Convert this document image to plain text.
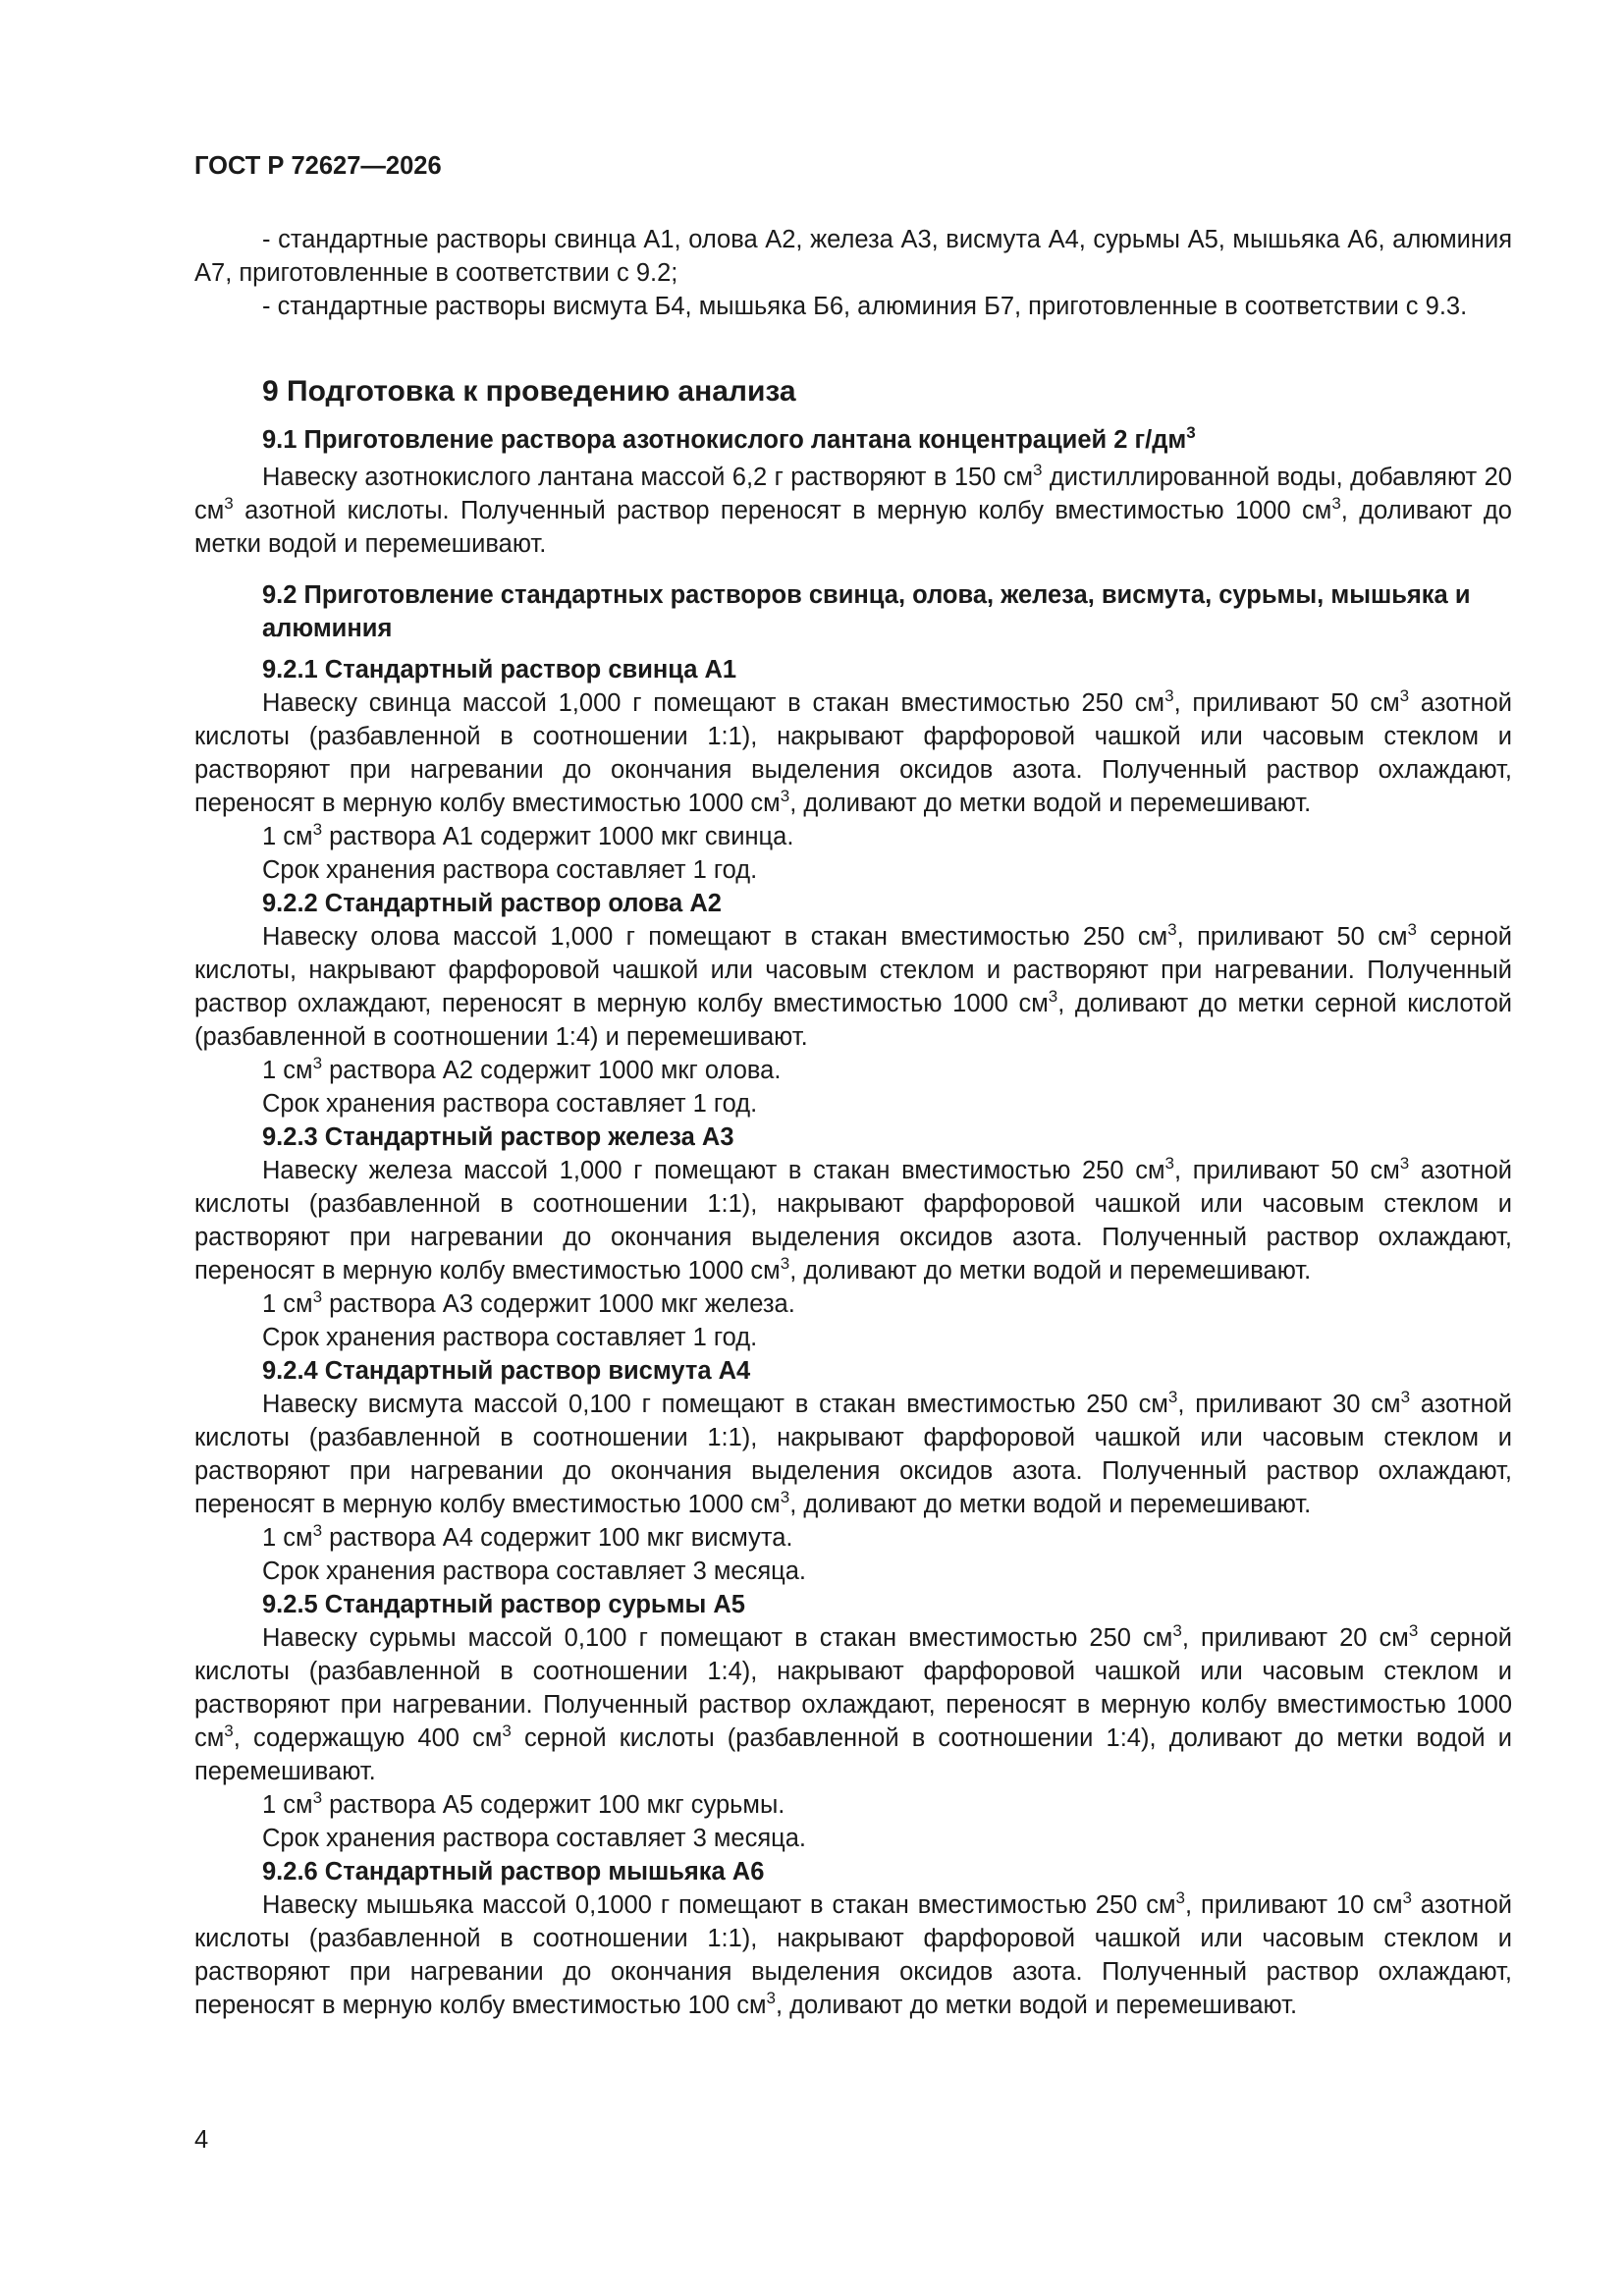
ГОСТ Р 72627—2026

- стандартные растворы свинца А1, олова А2, железа А3, висмута А4, сурьмы А5, мышьяка А6, алюминия А7, приготовленные в соответствии с 9.2;

- стандартные растворы висмута Б4, мышьяка Б6, алюминия Б7, приготовленные в соответствии с 9.3.

9 Подготовка к проведению анализа
9.1 Приготовление раствора азотнокислого лантана концентрацией 2 $г/дм^3$

Навеску азотнокислого лантана массой 6,2 г растворяют в 150 $см^3$ дистиллированной воды, добавляют 20 $см^3$ азотной кислоты. Полученный раствор переносят в мерную колбу вместимостью 1000 $см^3$, доливают до метки водой и перемешивают.

9.2 Приготовление стандартных растворов свинца, олова, железа, висмута, сурьмы, мышьяка и алюминия
9.2.1 Стандартный раствор свинца А1

Навеску свинца массой 1,000 г помещают в стакан вместимостью 250 $см^3$, приливают 50 $см^3$ азотной кислоты (разбавленной в соотношении 1:1), накрывают фарфоровой чашкой или часовым стеклом и растворяют при нагревании до окончания выделения оксидов азота. Полученный раствор охлаждают, переносят в мерную колбу вместимостью 1000 $см^3$, доливают до метки водой и перемешивают.

1 $см^3$ раствора А1 содержит 1000 мкг свинца.

Срок хранения раствора составляет 1 год.

9.2.2 Стандартный раствор олова А2

Навеску олова массой 1,000 г помещают в стакан вместимостью 250 $см^3$, приливают 50 $см^3$ серной кислоты, накрывают фарфоровой чашкой или часовым стеклом и растворяют при нагревании. Полученный раствор охлаждают, переносят в мерную колбу вместимостью 1000 $см^3$, доливают до метки серной кислотой (разбавленной в соотношении 1:4) и перемешивают.

1 $см^3$ раствора А2 содержит 1000 мкг олова.

Срок хранения раствора составляет 1 год.

9.2.3 Стандартный раствор железа А3

Навеску железа массой 1,000 г помещают в стакан вместимостью 250 $см^3$, приливают 50 $см^3$ азотной кислоты (разбавленной в соотношении 1:1), накрывают фарфоровой чашкой или часовым стеклом и растворяют при нагревании до окончания выделения оксидов азота. Полученный раствор охлаждают, переносят в мерную колбу вместимостью 1000 $см^3$, доливают до метки водой и перемешивают.

1 $см^3$ раствора А3 содержит 1000 мкг железа.

Срок хранения раствора составляет 1 год.

9.2.4 Стандартный раствор висмута А4

Навеску висмута массой 0,100 г помещают в стакан вместимостью 250 $см^3$, приливают 30 $см^3$ азотной кислоты (разбавленной в соотношении 1:1), накрывают фарфоровой чашкой или часовым стеклом и растворяют при нагревании до окончания выделения оксидов азота. Полученный раствор охлаждают, переносят в мерную колбу вместимостью 1000 $см^3$, доливают до метки водой и перемешивают.

1 $см^3$ раствора А4 содержит 100 мкг висмута.

Срок хранения раствора составляет 3 месяца.

9.2.5 Стандартный раствор сурьмы А5

Навеску сурьмы массой 0,100 г помещают в стакан вместимостью 250 $см^3$, приливают 20 $см^3$ серной кислоты (разбавленной в соотношении 1:4), накрывают фарфоровой чашкой или часовым стеклом и растворяют при нагревании. Полученный раствор охлаждают, переносят в мерную колбу вместимостью 1000 $см^3$, содержащую 400 $см^3$ серной кислоты (разбавленной в соотношении 1:4), доливают до метки водой и перемешивают.

1 $см^3$ раствора А5 содержит 100 мкг сурьмы.

Срок хранения раствора составляет 3 месяца.

9.2.6 Стандартный раствор мышьяка А6

Навеску мышьяка массой 0,1000 г помещают в стакан вместимостью 250 $см^3$, приливают 10 $см^3$ азотной кислоты (разбавленной в соотношении 1:1), накрывают фарфоровой чашкой или часовым стеклом и растворяют при нагревании до окончания выделения оксидов азота. Полученный раствор охлаждают, переносят в мерную колбу вместимостью 100 $см^3$, доливают до метки водой и перемешивают.

4
